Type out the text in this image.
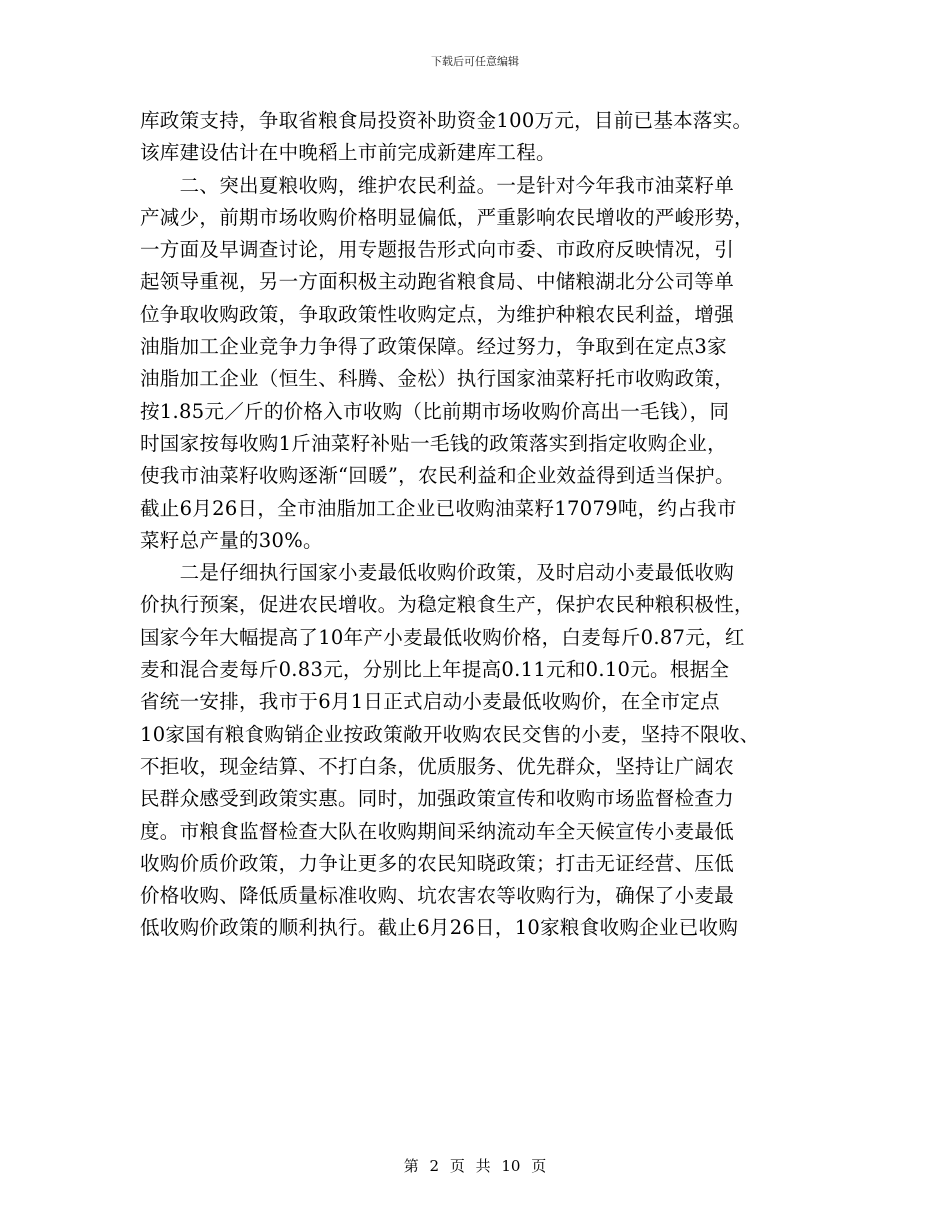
下载后可任意编辑
库政策支持，争取省粮食局投资补助资金100万元，目前已基本落实。
该库建设估计在中晚稻上市前完成新建库工程。
　　二、突出夏粮收购，维护农民利益。一是针对今年我市油菜籽单
产减少，前期市场收购价格明显偏低，严重影响农民增收的严峻形势，
一方面及早调查讨论，用专题报告形式向市委、市政府反映情况，引
起领导重视，另一方面积极主动跑省粮食局、中储粮湖北分公司等单
位争取收购政策，争取政策性收购定点，为维护种粮农民利益，增强
油脂加工企业竞争力争得了政策保障。经过努力，争取到在定点3家
油脂加工企业（恒生、科腾、金松）执行国家油菜籽托市收购政策，
按1.85元／斤的价格入市收购（比前期市场收购价高出一毛钱），同
时国家按每收购1斤油菜籽补贴一毛钱的政策落实到指定收购企业，
使我市油菜籽收购逐渐“回暖”，农民利益和企业效益得到适当保护。
截止6月26日，全市油脂加工企业已收购油菜籽17079吨，约占我市
菜籽总产量的30%。
　　二是仔细执行国家小麦最低收购价政策，及时启动小麦最低收购
价执行预案，促进农民增收。为稳定粮食生产，保护农民种粮积极性，
国家今年大幅提高了10年产小麦最低收购价格，白麦每斤0.87元，红
麦和混合麦每斤0.83元，分别比上年提高0.11元和0.10元。根据全
省统一安排，我市于6月1日正式启动小麦最低收购价，在全市定点
10家国有粮食购销企业按政策敞开收购农民交售的小麦，坚持不限收、
不拒收，现金结算、不打白条，优质服务、优先群众，坚持让广阔农
民群众感受到政策实惠。同时，加强政策宣传和收购市场监督检查力
度。市粮食监督检查大队在收购期间采纳流动车全天候宣传小麦最低
收购价质价政策，力争让更多的农民知晓政策；打击无证经营、压低
价格收购、降低质量标准收购、坑农害农等收购行为，确保了小麦最
低收购价政策的顺利执行。截止6月26日，10家粮食收购企业已收购
第 2 页 共 10 页
